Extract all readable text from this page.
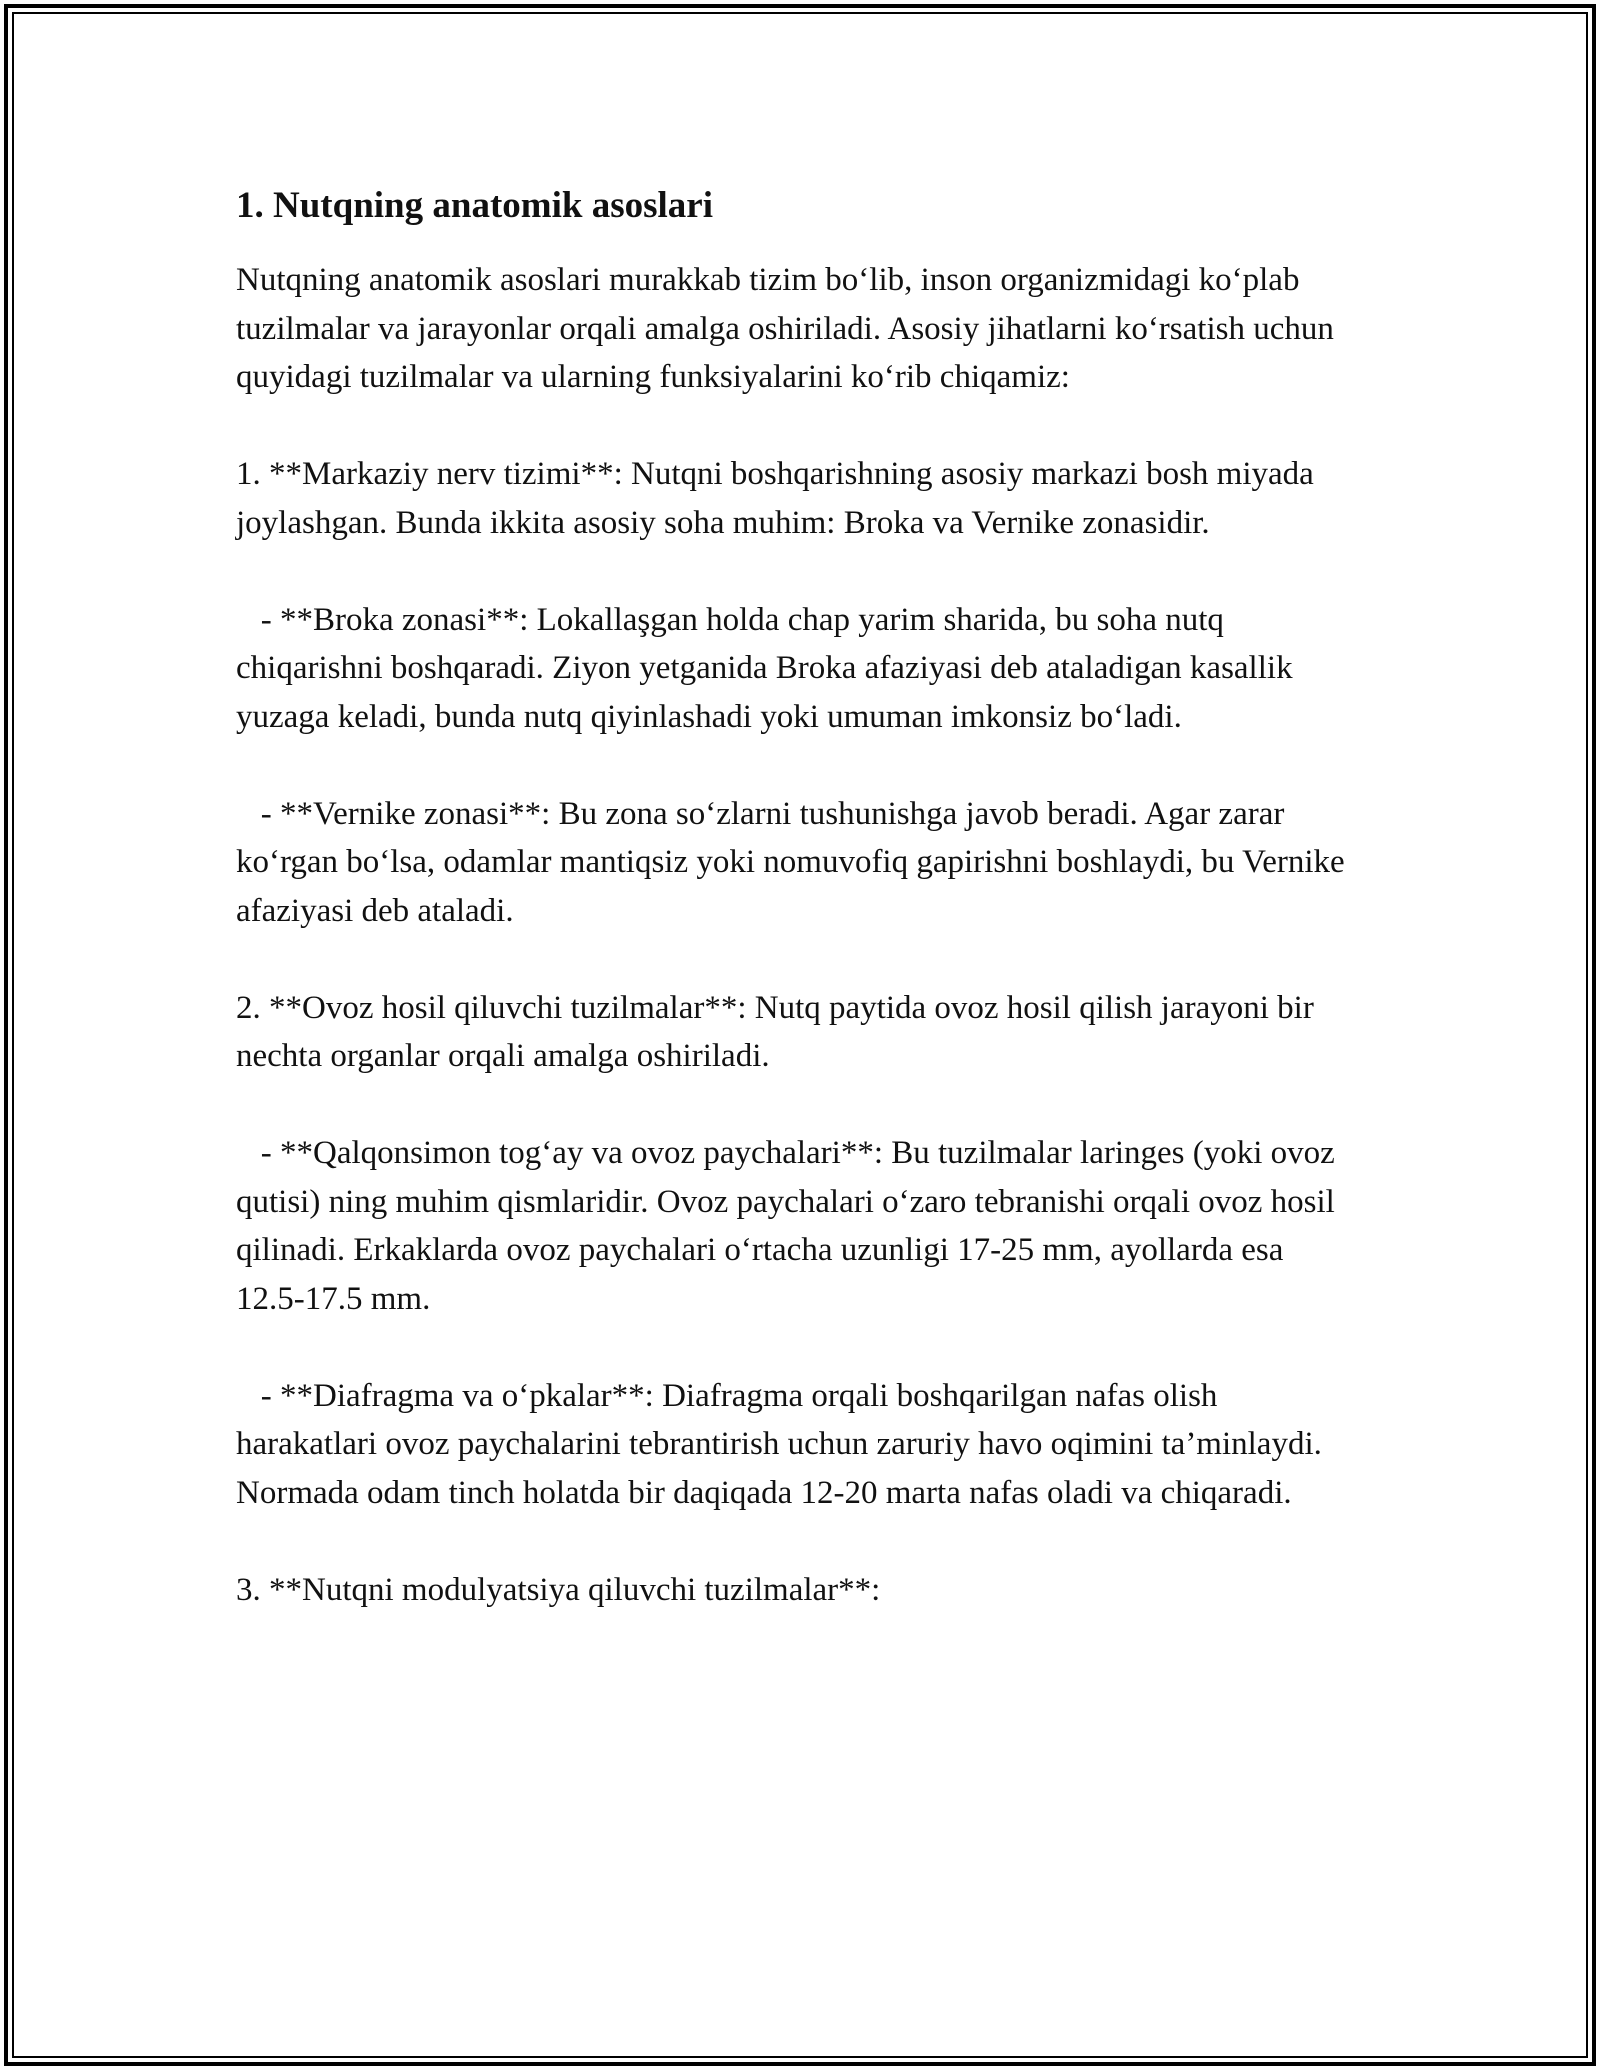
1. Nutqning anatomik asoslari

Nutqning anatomik asoslari murakkab tizim bo‘lib, inson organizmidagi ko‘plab tuzilmalar va jarayonlar orqali amalga oshiriladi. Asosiy jihatlarni ko‘rsatish uchun quyidagi tuzilmalar va ularning funksiyalarini ko‘rib chiqamiz:

1. **Markaziy nerv tizimi**: Nutqni boshqarishning asosiy markazi bosh miyada joylashgan. Bunda ikkita asosiy soha muhim: Broka va Vernike zonasidir.

- **Broka zonasi**: Lokallaşgan holda chap yarim sharida, bu soha nutq chiqarishni boshqaradi. Ziyon yetganida Broka afaziyasi deb ataladigan kasallik yuzaga keladi, bunda nutq qiyinlashadi yoki umuman imkonsiz bo‘ladi.

- **Vernike zonasi**: Bu zona so‘zlarni tushunishga javob beradi. Agar zarar ko‘rgan bo‘lsa, odamlar mantiqsiz yoki nomuvofiq gapirishni boshlaydi, bu Vernike afaziyasi deb ataladi.

2. **Ovoz hosil qiluvchi tuzilmalar**: Nutq paytida ovoz hosil qilish jarayoni bir nechta organlar orqali amalga oshiriladi.

- **Qalqonsimon tog‘ay va ovoz paychalari**: Bu tuzilmalar laringes (yoki ovoz qutisi) ning muhim qismlaridir. Ovoz paychalari o‘zaro tebranishi orqali ovoz hosil qilinadi. Erkaklarda ovoz paychalari o‘rtacha uzunligi 17-25 mm, ayollarda esa 12.5-17.5 mm.

- **Diafragma va o‘pkalar**: Diafragma orqali boshqarilgan nafas olish harakatlari ovoz paychalarini tebrantirish uchun zaruriy havo oqimini ta’minlaydi. Normada odam tinch holatda bir daqiqada 12-20 marta nafas oladi va chiqaradi.

3. **Nutqni modulyatsiya qiluvchi tuzilmalar**:
